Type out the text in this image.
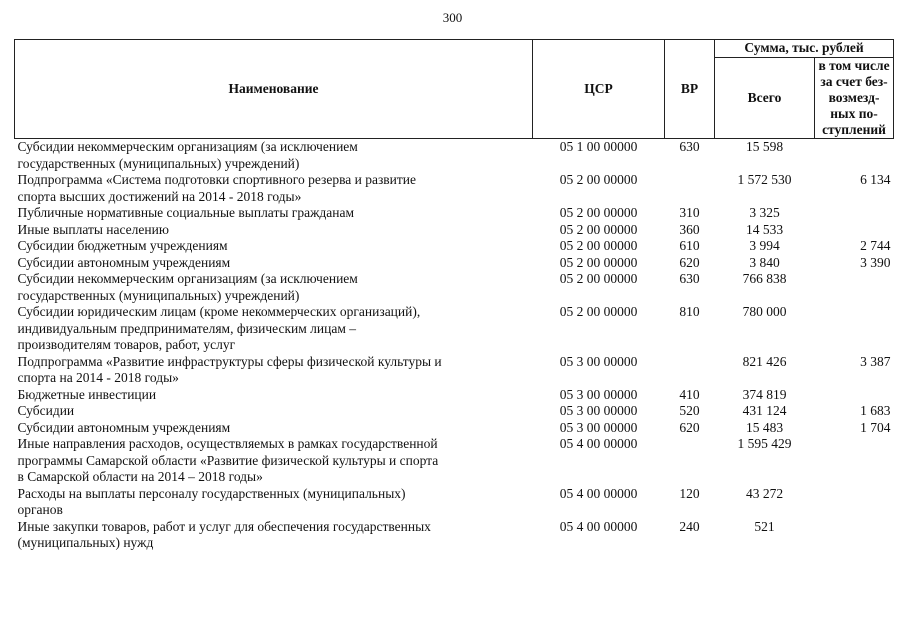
300
Наименование	ЦСР	ВР	Сумма, тыс. рублей	
			Всего	в том числе
за счет без-
возмезд-
ных по-
ступлений

Субсидии некоммерческим организациям (за исключением
государственных (муниципальных) учреждений)	05 1 00 00000	630	15 598	

Подпрограмма «Система подготовки спортивного резерва и развитие
спорта высших достижений на 2014 - 2018 годы»	05 2 00 00000		1 572 530	6 134

Публичные нормативные социальные выплаты гражданам	05 2 00 00000	310	3 325	

Иные выплаты населению	05 2 00 00000	360	14 533	

Субсидии бюджетным учреждениям	05 2 00 00000	610	3 994	2 744

Субсидии автономным учреждениям	05 2 00 00000	620	3 840	3 390

Субсидии некоммерческим организациям (за исключением
государственных (муниципальных) учреждений)	05 2 00 00000	630	766 838	

Субсидии юридическим лицам (кроме некоммерческих организаций),
индивидуальным предпринимателям, физическим лицам –
производителям товаров, работ, услуг	05 2 00 00000	810	780 000	

Подпрограмма «Развитие инфраструктуры сферы физической культуры и
спорта на 2014 - 2018 годы»	05 3 00 00000		821 426	3 387

Бюджетные инвестиции	05 3 00 00000	410	374 819	

Субсидии	05 3 00 00000	520	431 124	1 683

Субсидии автономным учреждениям	05 3 00 00000	620	15 483	1 704

Иные направления расходов, осуществляемых в рамках государственной
программы Самарской области «Развитие физической культуры и спорта
в Самарской области на 2014 – 2018 годы»	05 4 00 00000		1 595 429	

Расходы на выплаты персоналу государственных (муниципальных)
органов	05 4 00 00000	120	43 272	

Иные закупки товаров, работ и услуг для обеспечения государственных
(муниципальных) нужд	05 4 00 00000	240	521	
